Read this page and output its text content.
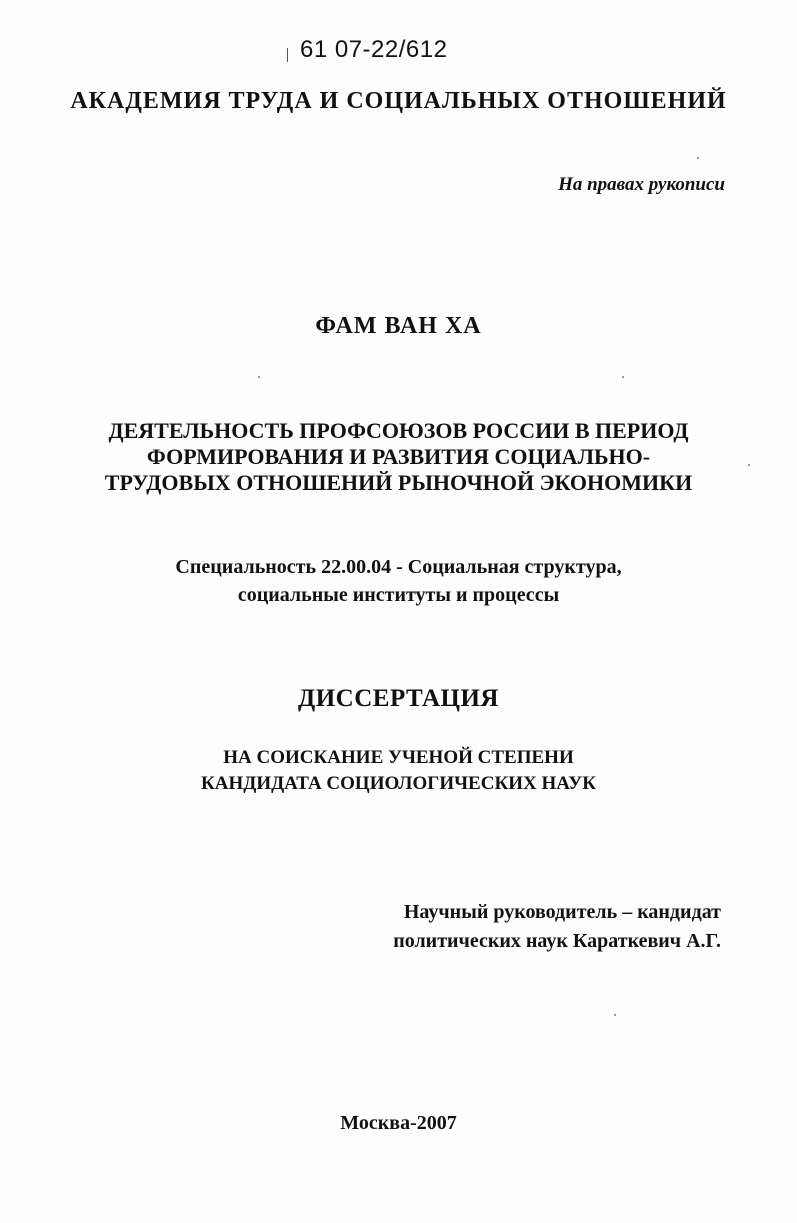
61 07-22/612
АКАДЕМИЯ ТРУДА И СОЦИАЛЬНЫХ ОТНОШЕНИЙ
На правах рукописи
ФАМ ВАН ХА
ДЕЯТЕЛЬНОСТЬ ПРОФСОЮЗОВ РОССИИ В ПЕРИОД
ФОРМИРОВАНИЯ И РАЗВИТИЯ СОЦИАЛЬНО-
ТРУДОВЫХ ОТНОШЕНИЙ РЫНОЧНОЙ ЭКОНОМИКИ
Специальность 22.00.04 - Социальная структура,
социальные институты и процессы
ДИССЕРТАЦИЯ
НА СОИСКАНИЕ УЧЕНОЙ СТЕПЕНИ
КАНДИДАТА СОЦИОЛОГИЧЕСКИХ НАУК
Научный руководитель – кандидат
политических наук Караткевич А.Г.
Москва-2007
